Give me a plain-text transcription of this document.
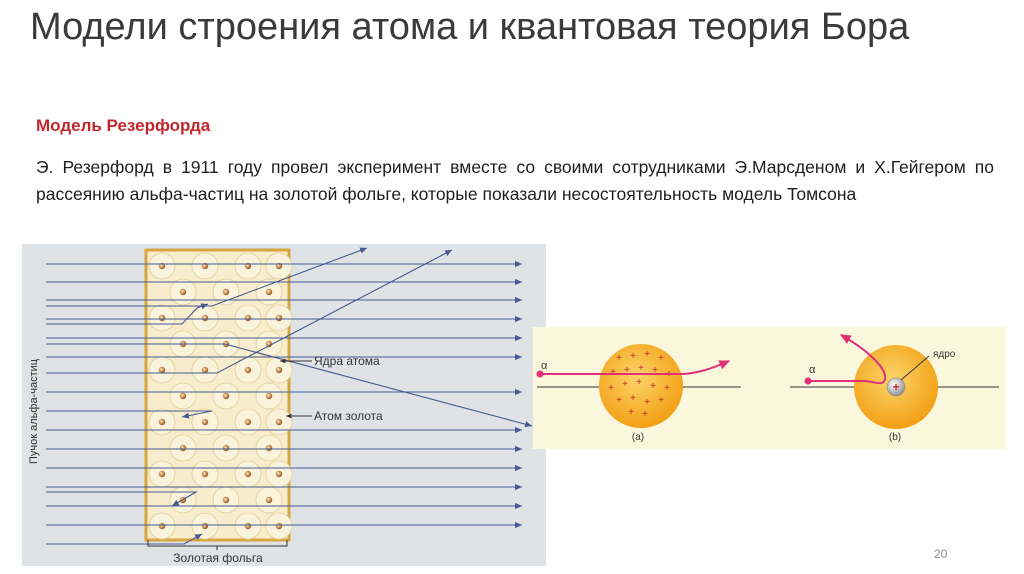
Модели строения атома и квантовая теория Бора
Модель Резерфорда

Э. Резерфорд в 1911 году провел эксперимент вместе со своими сотрудниками Э.Марсденом и Х.Гейгером по рассеянию альфа-частиц на золотой фольге, которые показали несостоятельность модель Томсона

Пучок альфа-частиц	Ядра атома
Атом золота
Золотая фольга
+ + + +
+ + + + +
+ + + + +
+ + + +
+ +
α
(a)
+
ядро
α
(b)
20
